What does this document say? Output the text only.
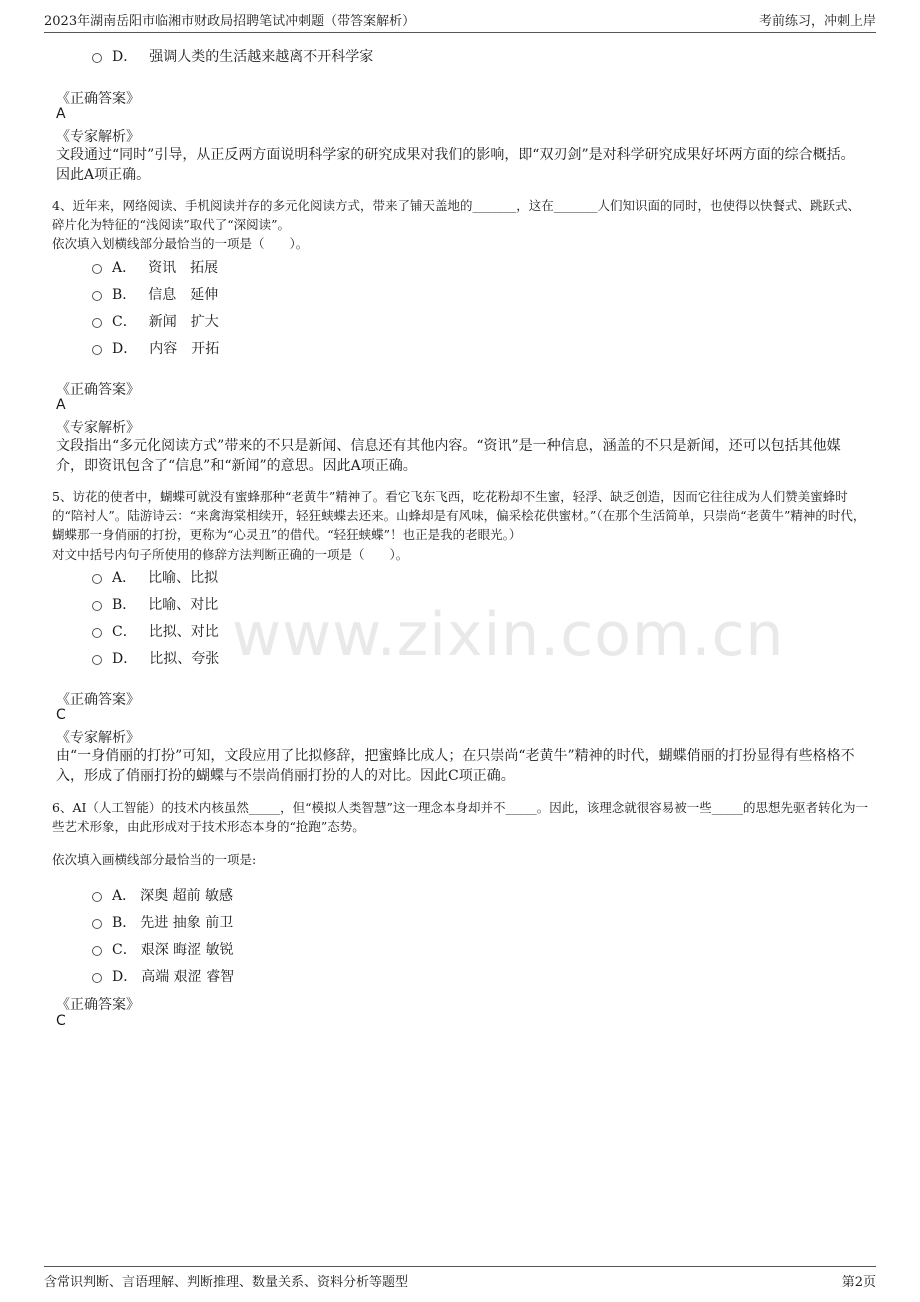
2023年湖南岳阳市临湘市财政局招聘笔试冲刺题（带答案解析）	考前练习，冲刺上岸
www.zixin.com.cn
D． 强调人类的生活越来越离不开科学家
《正确答案》
A
《专家解析》
文段通过“同时”引导，从正反两方面说明科学家的研究成果对我们的影响，即“双刃剑”是对科学研究成果好坏两方面的综合概括。因此A项正确。
4、近年来，网络阅读、手机阅读并存的多元化阅读方式，带来了铺天盖地的_______，这在_______人们知识面的同时，也使得以快餐式、跳跃式、碎片化为特征的“浅阅读”取代了“深阅读”。
依次填入划横线部分最恰当的一项是（　　）。
A． 资讯　拓展
B． 信息　延伸
C． 新闻　扩大
D． 内容　开拓
《正确答案》
A
《专家解析》
文段指出“多元化阅读方式”带来的不只是新闻、信息还有其他内容。“资讯”是一种信息，涵盖的不只是新闻，还可以包括其他媒介，即资讯包含了“信息”和“新闻”的意思。因此A项正确。
5、访花的使者中，蝴蝶可就没有蜜蜂那种“老黄牛”精神了。看它飞东飞西，吃花粉却不生蜜，轻浮、缺乏创造，因而它往往成为人们赞美蜜蜂时的“陪衬人”。陆游诗云：“来禽海棠相续开，轻狂蛱蝶去还来。山蜂却是有风味，偏采桧花供蜜材。”（在那个生活简单，只崇尚“老黄牛”精神的时代，蝴蝶那一身俏丽的打扮，更称为“心灵丑”的借代。“轻狂蛱蝶”！也正是我的老眼光。）
对文中括号内句子所使用的修辞方法判断正确的一项是（　　）。
A． 比喻、比拟
B． 比喻、对比
C． 比拟、对比
D． 比拟、夸张
《正确答案》
C
《专家解析》
由“一身俏丽的打扮”可知，文段应用了比拟修辞，把蜜蜂比成人；在只崇尚“老黄牛”精神的时代，蝴蝶俏丽的打扮显得有些格格不入，形成了俏丽打扮的蝴蝶与不崇尚俏丽打扮的人的对比。因此C项正确。
6、AI（人工智能）的技术内核虽然_____，但“模拟人类智慧”这一理念本身却并不_____。因此，该理念就很容易被一些_____的思想先驱者转化为一些艺术形象，由此形成对于技术形态本身的“抢跑”态势。
依次填入画横线部分最恰当的一项是:
A． 深奥 超前 敏感
B． 先进 抽象 前卫
C． 艰深 晦涩 敏锐
D． 高端 艰涩 睿智
《正确答案》
C
含常识判断、言语理解、判断推理、数量关系、资料分析等题型	第2页
